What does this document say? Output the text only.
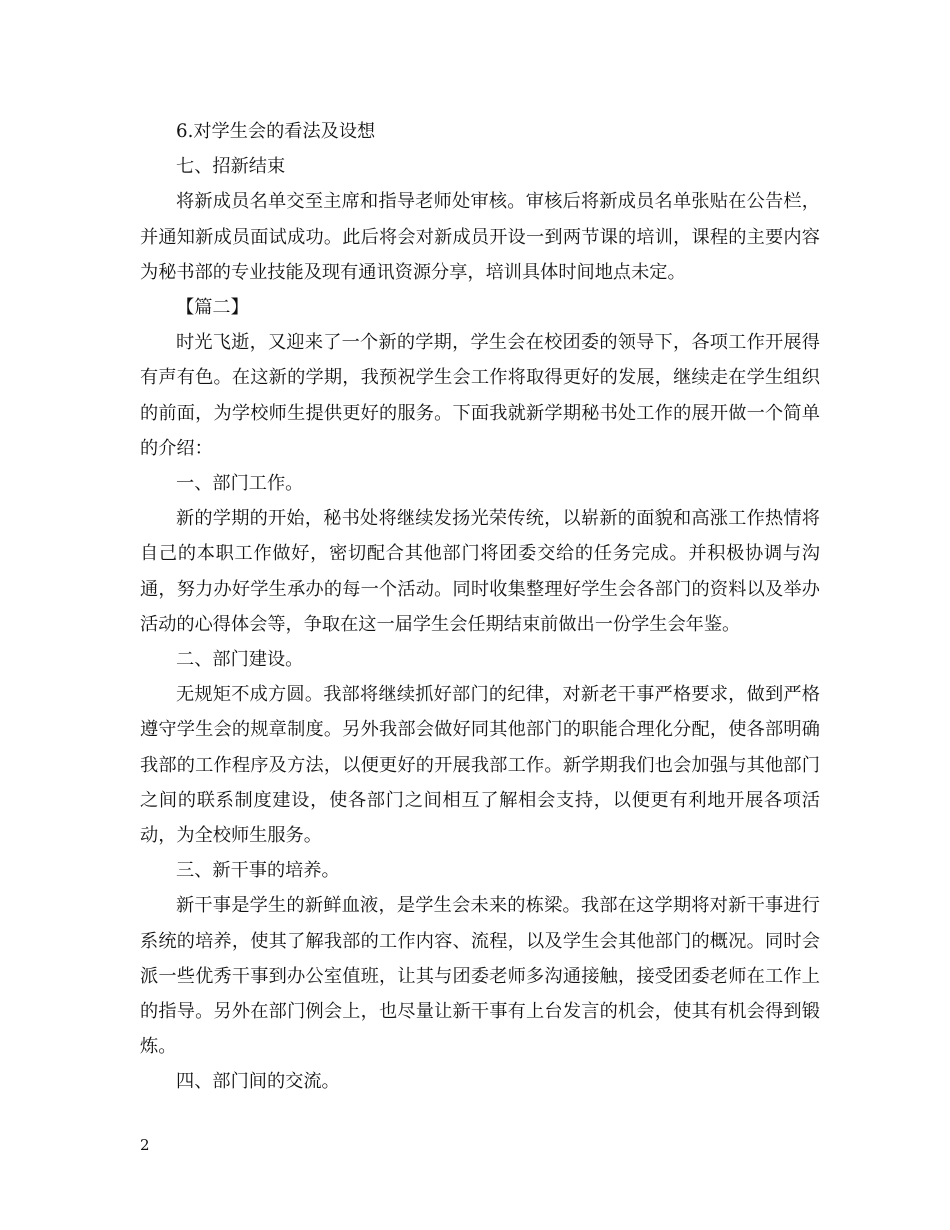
6.对学生会的看法及设想

七、招新结束

将新成员名单交至主席和指导老师处审核。审核后将新成员名单张贴在公告栏，并通知新成员面试成功。此后将会对新成员开设一到两节课的培训，课程的主要内容为秘书部的专业技能及现有通讯资源分享，培训具体时间地点未定。

【篇二】

时光飞逝，又迎来了一个新的学期，学生会在校团委的领导下，各项工作开展得有声有色。在这新的学期，我预祝学生会工作将取得更好的发展，继续走在学生组织的前面，为学校师生提供更好的服务。下面我就新学期秘书处工作的展开做一个简单的介绍：

一、部门工作。

新的学期的开始，秘书处将继续发扬光荣传统，以崭新的面貌和高涨工作热情将自己的本职工作做好，密切配合其他部门将团委交给的任务完成。并积极协调与沟通，努力办好学生承办的每一个活动。同时收集整理好学生会各部门的资料以及举办活动的心得体会等，争取在这一届学生会任期结束前做出一份学生会年鉴。

二、部门建设。

无规矩不成方圆。我部将继续抓好部门的纪律，对新老干事严格要求，做到严格遵守学生会的规章制度。另外我部会做好同其他部门的职能合理化分配，使各部明确我部的工作程序及方法，以便更好的开展我部工作。新学期我们也会加强与其他部门之间的联系制度建设，使各部门之间相互了解相会支持，以便更有利地开展各项活动，为全校师生服务。

三、新干事的培养。

新干事是学生的新鲜血液，是学生会未来的栋梁。我部在这学期将对新干事进行系统的培养，使其了解我部的工作内容、流程，以及学生会其他部门的概况。同时会派一些优秀干事到办公室值班，让其与团委老师多沟通接触，接受团委老师在工作上的指导。另外在部门例会上，也尽量让新干事有上台发言的机会，使其有机会得到锻炼。

四、部门间的交流。

2
